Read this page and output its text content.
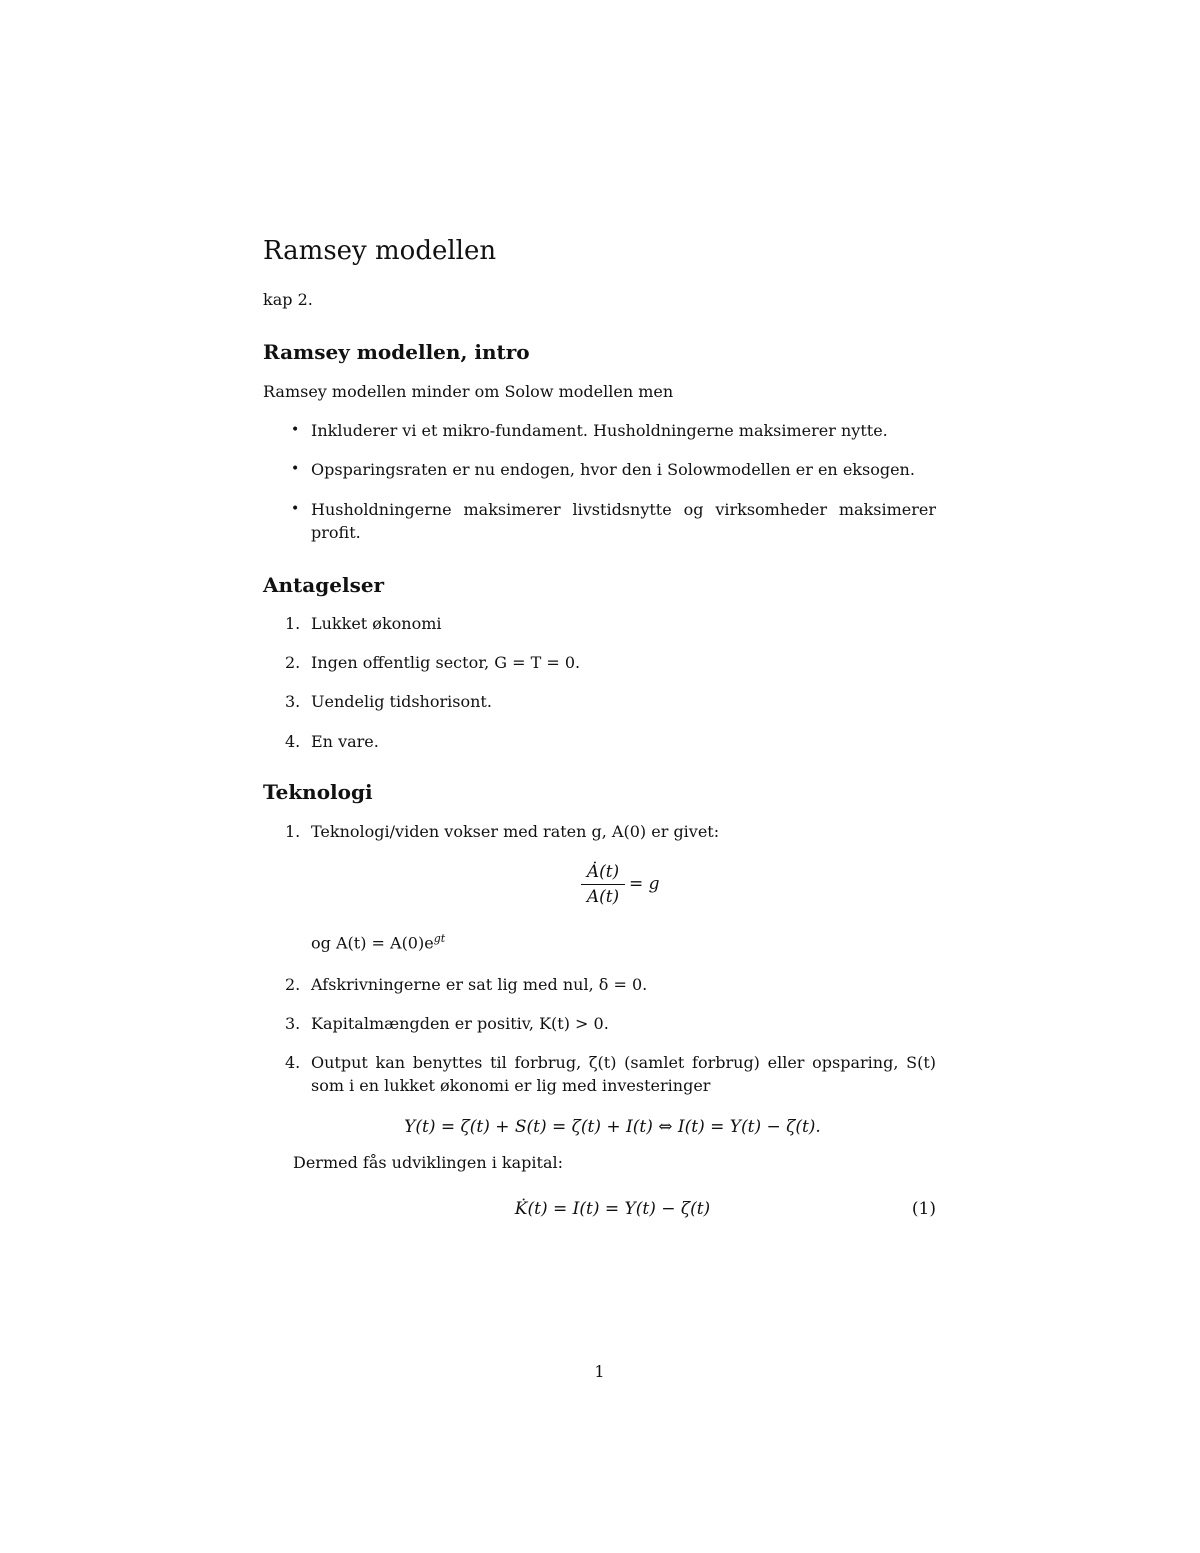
Ramsey modellen

kap 2.

Ramsey modellen, intro

Ramsey modellen minder om Solow modellen men

• Inkluderer vi et mikro-fundament. Husholdningerne maksimerer nytte.
• Opsparingsraten er nu endogen, hvor den i Solowmodellen er en eksogen.
• Husholdningerne maksimerer livstidsnytte og virksomheder maksimerer profit.
Antagelser
1. Lukket økonomi
2. Ingen offentlig sector, G = T = 0.
3. Uendelig tidshorisont.
4. En vare.
Teknologi
1. Teknologi/viden vokser med raten g, A(0) er givet:
Ȧ(t)
A(t)
= g
og $A(t) = A(0)e^{gt}$
2. Afskrivningerne er sat lig med nul, δ = 0.
3. Kapitalmængden er positiv, K(t) > 0.
4. Output kan benyttes til forbrug, ζ(t) (samlet forbrug) eller opsparing, S(t) som i en lukket økonomi er lig med investeringer
Y(t) = ζ(t) + S(t) = ζ(t) + I(t) ⇔ I(t) = Y(t) − ζ(t).

Dermed fås udviklingen i kapital:

K̇(t) = I(t) = Y(t) − ζ(t)	(1)
1
